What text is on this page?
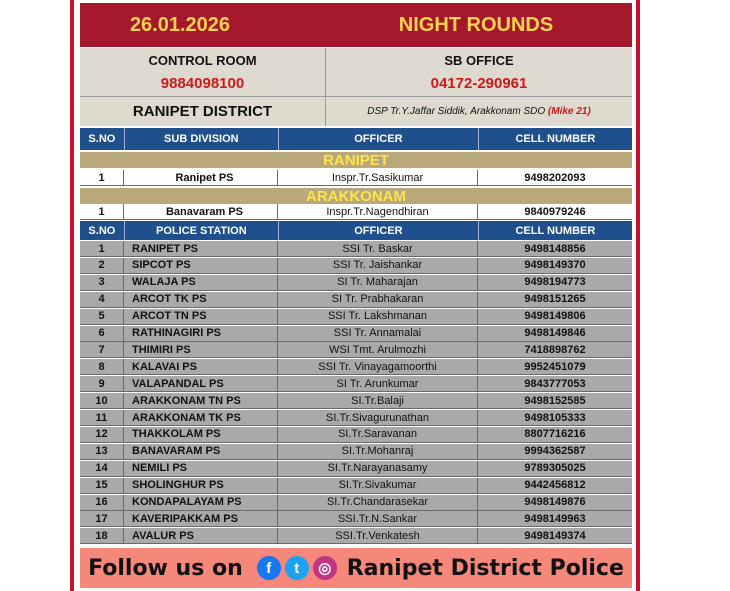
26.01.2026	NIGHT ROUNDS
CONTROL ROOM
9884098100
SB OFFICE
04172-290961
RANIPET DISTRICT	DSP Tr.Y.Jaffar Siddik, Arakkonam SDO
(Mike 21)
S.NO	SUB DIVISION	OFFICER	CELL NUMBER
RANIPET
1	Ranipet PS	Inspr.Tr.Sasikumar	9498202093
ARAKKONAM
1	Banavaram PS	Inspr.Tr.Nagendhiran	9840979246
S.NO	POLICE STATION	OFFICER	CELL NUMBER
1	RANIPET PS	SSI Tr. Baskar	9498148856
2	SIPCOT PS	SSI Tr. Jaishankar	9498149370
3	WALAJA PS	SI Tr. Maharajan	9498194773
4	ARCOT TK PS	SI Tr. Prabhakaran	9498151265
5	ARCOT TN PS	SSI Tr. Lakshmanan	9498149806
6	RATHINAGIRI PS	SSI Tr. Annamalai	9498149846
7	THIMIRI PS	WSI Tmt. Arulmozhi	7418898762
8	KALAVAI PS	SSI Tr. Vinayagamoorthi	9952451079
9	VALAPANDAL PS	SI Tr. Arunkumar	9843777053
10	ARAKKONAM TN PS	SI.Tr.Balaji	9498152585
11	ARAKKONAM TK PS	SI.Tr.Sivagurunathan	9498105333
12	THAKKOLAM PS	SI.Tr.Saravanan	8807716216
13	BANAVARAM PS	SI.Tr.Mohanraj	9994362587
14	NEMILI PS	SI.Tr.Narayanasamy	9789305025
15	SHOLINGHUR PS	SI.Tr.Sivakumar	9442456812
16	KONDAPALAYAM PS	SI.Tr.Chandarasekar	9498149876
17	KAVERIPAKKAM PS	SSI.Tr.N.Sankar	9498149963
18	AVALUR PS	SSI.Tr.Venkatesh	9498149374
Follow us on	f	t	◎ Ranipet District Police
